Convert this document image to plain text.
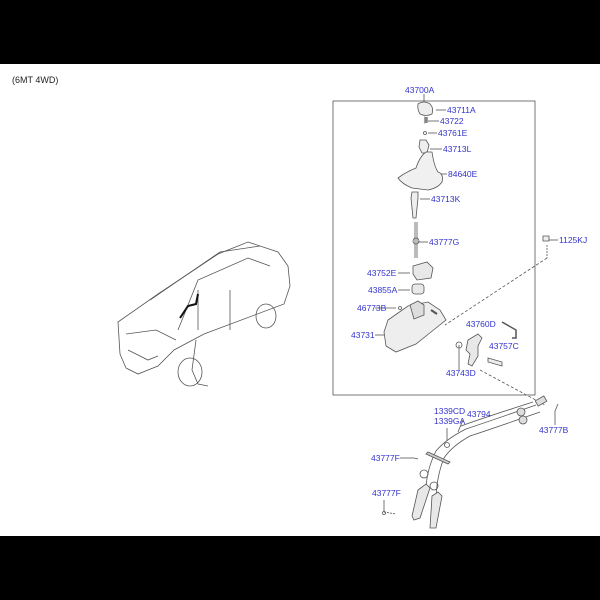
(6MT 4WD)
43700A
43711A
43722
43761E
43713L
84640E
43713K
43777G
43752E
43855A
46773B
43731
43760D
43757C
43743D
1125KJ
1339CD
1339GA
43794
43777B
43777F
43777F
